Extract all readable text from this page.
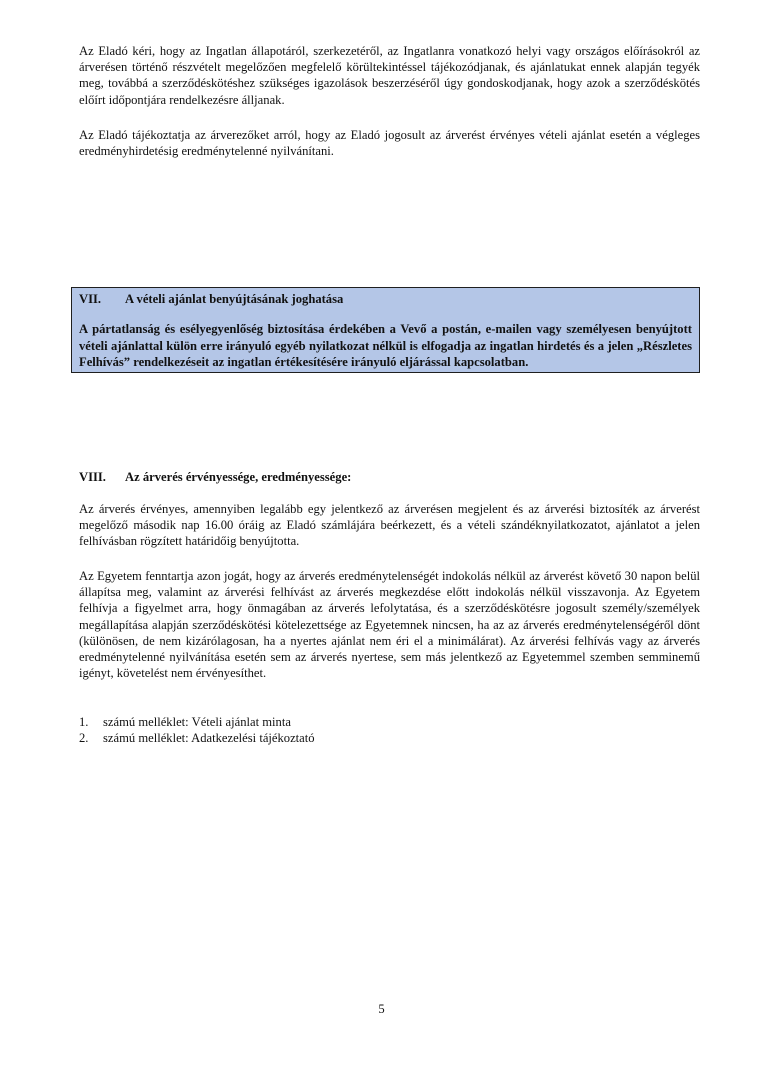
Az Eladó kéri, hogy az Ingatlan állapotáról, szerkezetéről, az Ingatlanra vonatkozó helyi vagy országos előírásokról az árverésen történő részvételt megelőzően megfelelő körültekintéssel tájékozódjanak, és ajánlatukat ennek alapján tegyék meg, továbbá a szerződéskötéshez szükséges igazolások beszerzéséről úgy gondoskodjanak, hogy azok a szerződéskötés előírt időpontjára rendelkezésre álljanak.

Az Eladó tájékoztatja az árverezőket arról, hogy az Eladó jogosult az árverést érvényes vételi ajánlat esetén a végleges eredményhirdetésig eredménytelenné nyilvánítani.

VII. A vételi ajánlat benyújtásának joghatása

A pártatlanság és esélyegyenlőség biztosítása érdekében a Vevő a postán, e-mailen vagy személyesen benyújtott vételi ajánlattal külön erre irányuló egyéb nyilatkozat nélkül is elfogadja az ingatlan hirdetés és a jelen „Részletes Felhívás” rendelkezéseit az ingatlan értékesítésére irányuló eljárással kapcsolatban.

VIII. Az árverés érvényessége, eredményessége:

Az árverés érvényes, amennyiben legalább egy jelentkező az árverésen megjelent és az árverési biztosíték az árverést megelőző második nap 16.00 óráig az Eladó számlájára beérkezett, és a vételi szándéknyilatkozatot, ajánlatot a jelen felhívásban rögzített határidőig benyújtotta.

Az Egyetem fenntartja azon jogát, hogy az árverés eredménytelenségét indokolás nélkül az árverést követő 30 napon belül állapítsa meg, valamint az árverési felhívást az árverés megkezdése előtt indokolás nélkül visszavonja. Az Egyetem felhívja a figyelmet arra, hogy önmagában az árverés lefolytatása, és a szerződéskötésre jogosult személy/személyek megállapítása alapján szerződéskötési kötelezettsége az Egyetemnek nincsen, ha az az árverés eredménytelenségéről dönt (különösen, de nem kizárólagosan, ha a nyertes ajánlat nem éri el a minimálárat). Az árverési felhívás vagy az árverés eredménytelenné nyilvánítása esetén sem az árverés nyertese, sem más jelentkező az Egyetemmel szemben semminemű igényt, követelést nem érvényesíthet.

1. számú melléklet: Vételi ajánlat minta
2. számú melléklet: Adatkezelési tájékoztató
5
